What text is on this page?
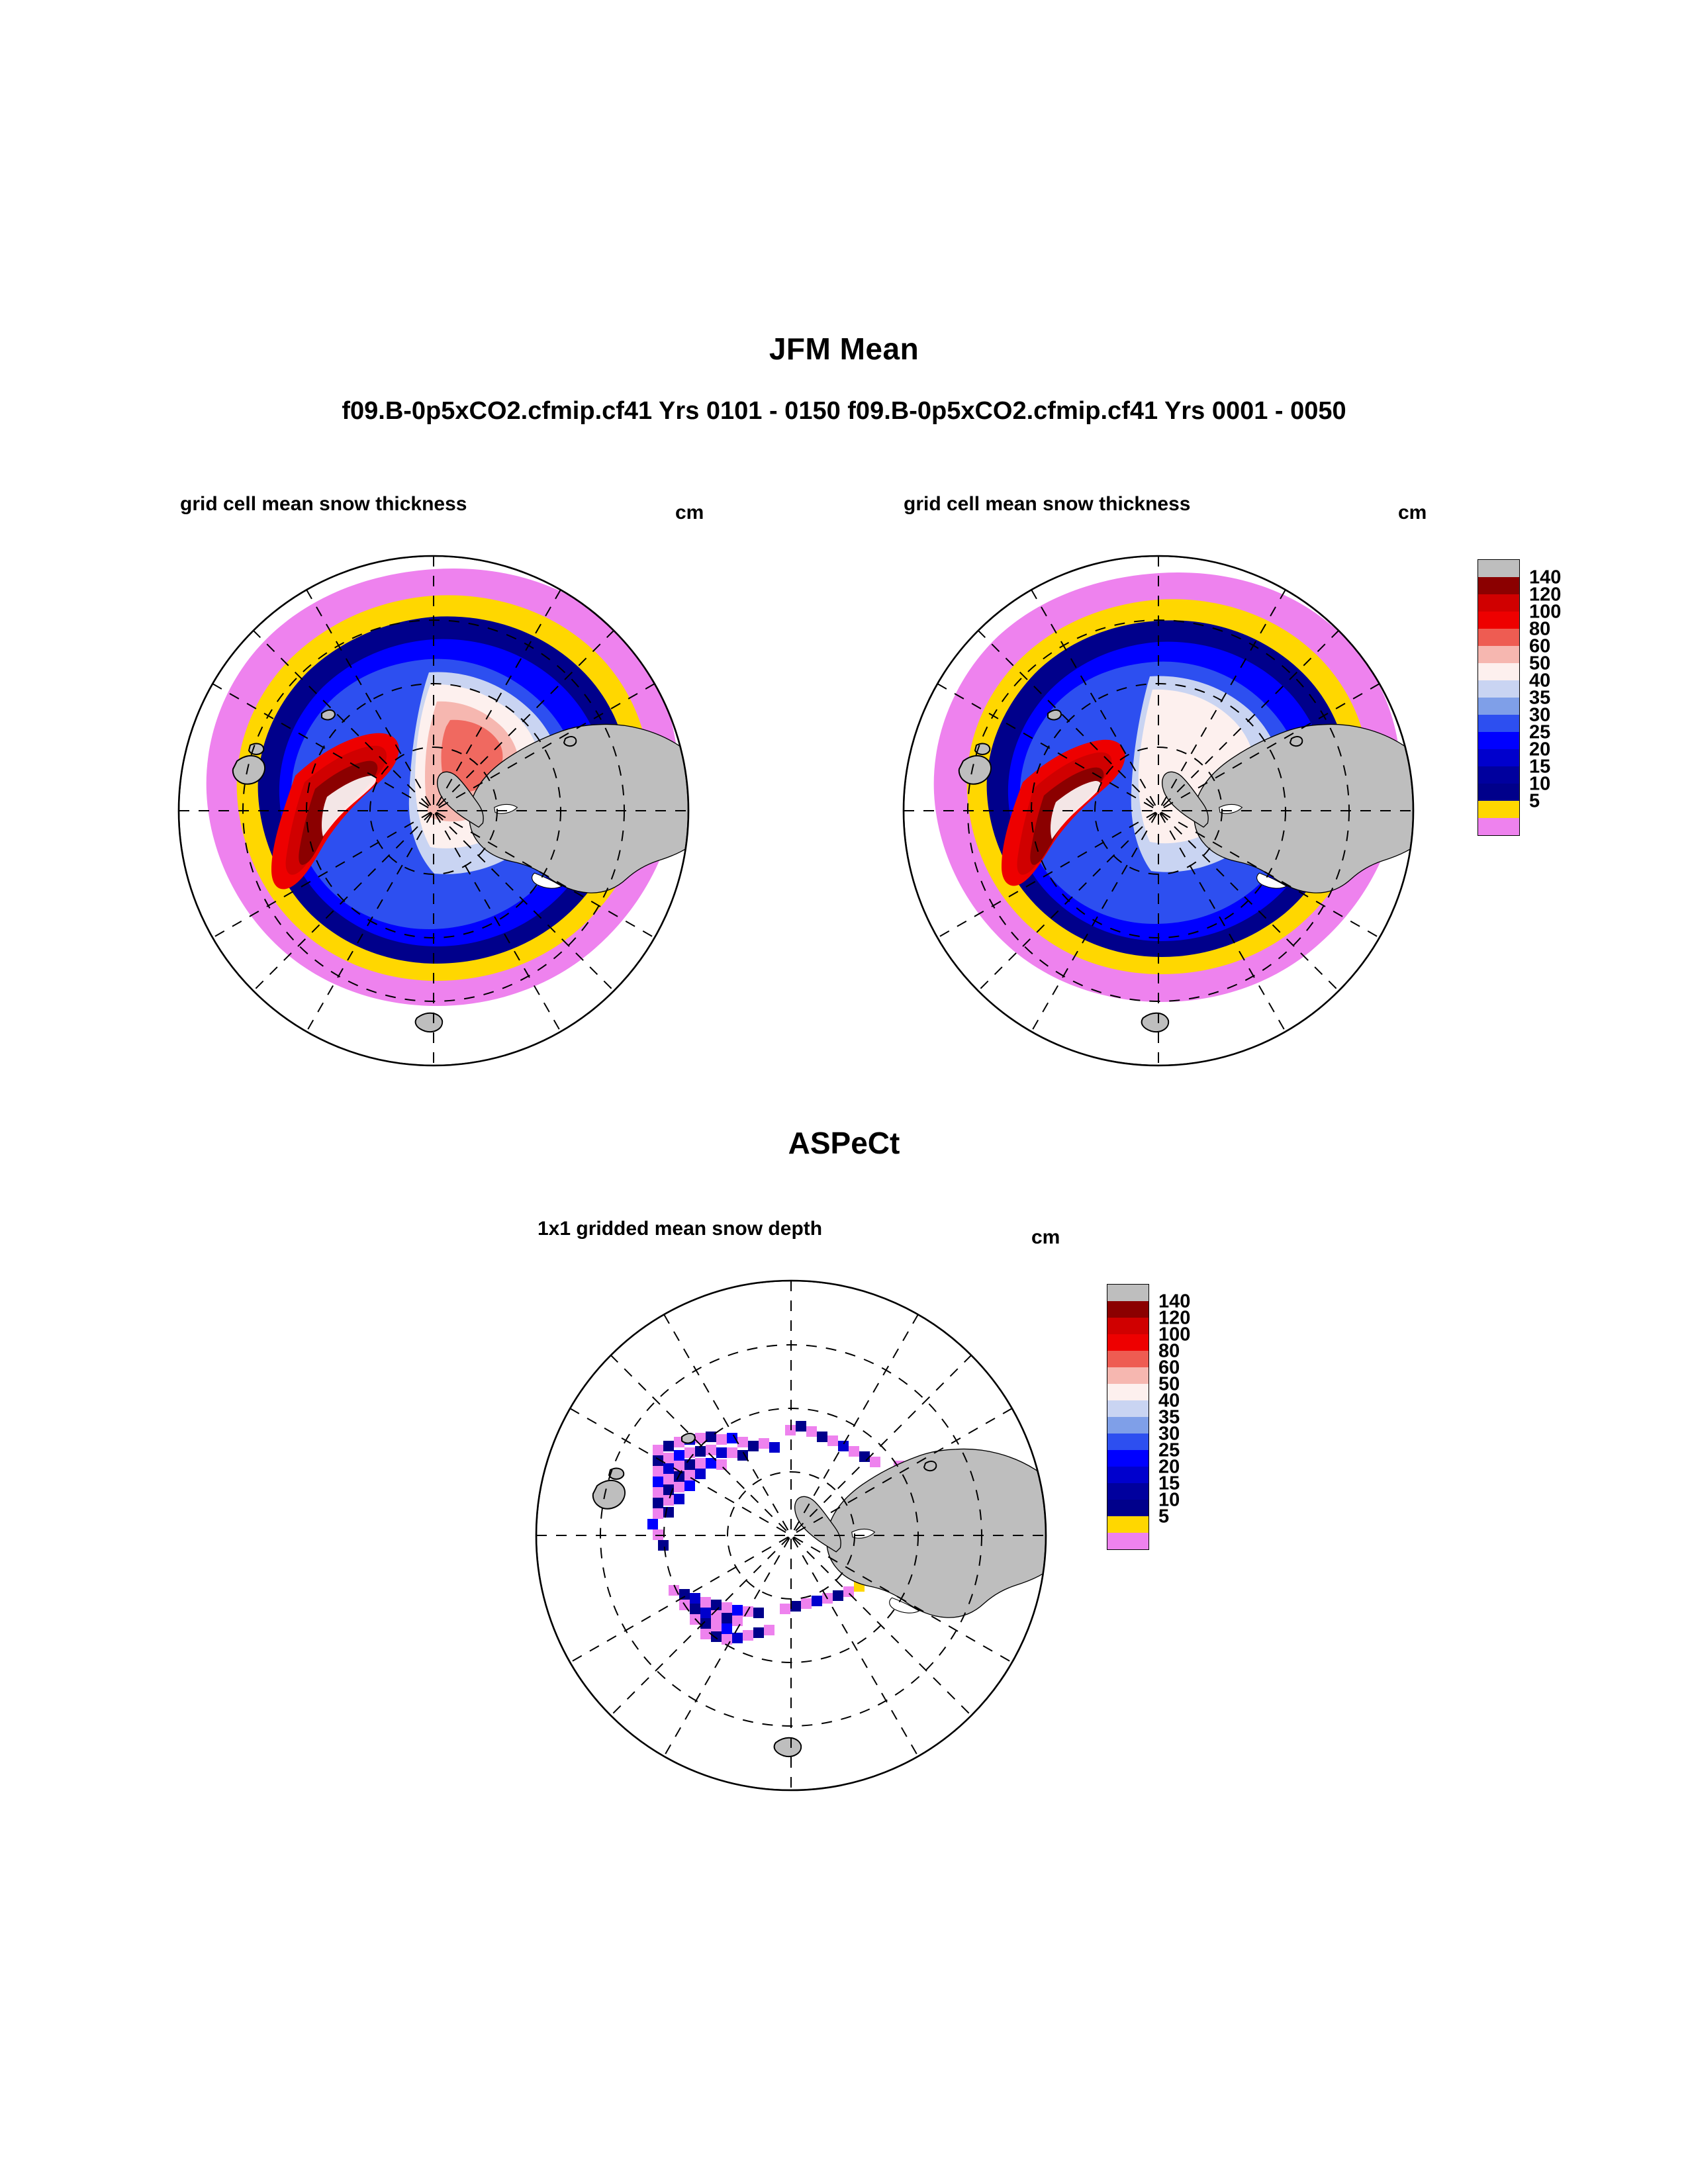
JFM Mean
f09.B-0p5xCO2.cfmip.cf41 Yrs 0101 - 0150 f09.B-0p5xCO2.cfmip.cf41 Yrs 0001 - 0050
grid cell mean snow thickness	cm	grid cell mean snow thickness	cm
140
120
100
80
60
50
40
35
30
25
20
15
10
5
ASPeCt
1x1 gridded mean snow depth	cm
140
120
100
80
60
50
40
35
30
25
20
15
10
5
